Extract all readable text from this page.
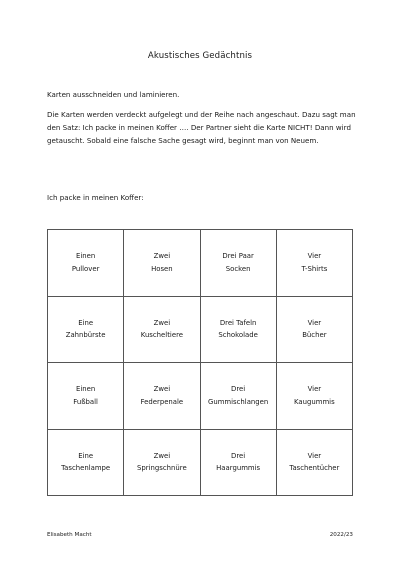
Akustisches Gedächtnis
Karten ausschneiden und laminieren.
Die Karten werden verdeckt aufgelegt und der Reihe nach angeschaut. Dazu sagt man den Satz: Ich packe in meinen Koffer …. Der Partner sieht die Karte NICHT! Dann wird getauscht. Sobald eine falsche Sache gesagt wird, beginnt man von Neuem.
Ich packe in meinen Koffer:
Einen
Pullover	Zwei
Hosen	Drei Paar
Socken	Vier
T-Shirts

Eine
Zahnbürste	Zwei
Kuscheltiere	Drei Tafeln
Schokolade	Vier
Bücher

Einen
Fußball	Zwei
Federpenale	Drei
Gummischlangen	Vier
Kaugummis

Eine
Taschenlampe	Zwei
Springschnüre	Drei
Haargummis	Vier
Taschentücher
Elisabeth Macht	2022/23
